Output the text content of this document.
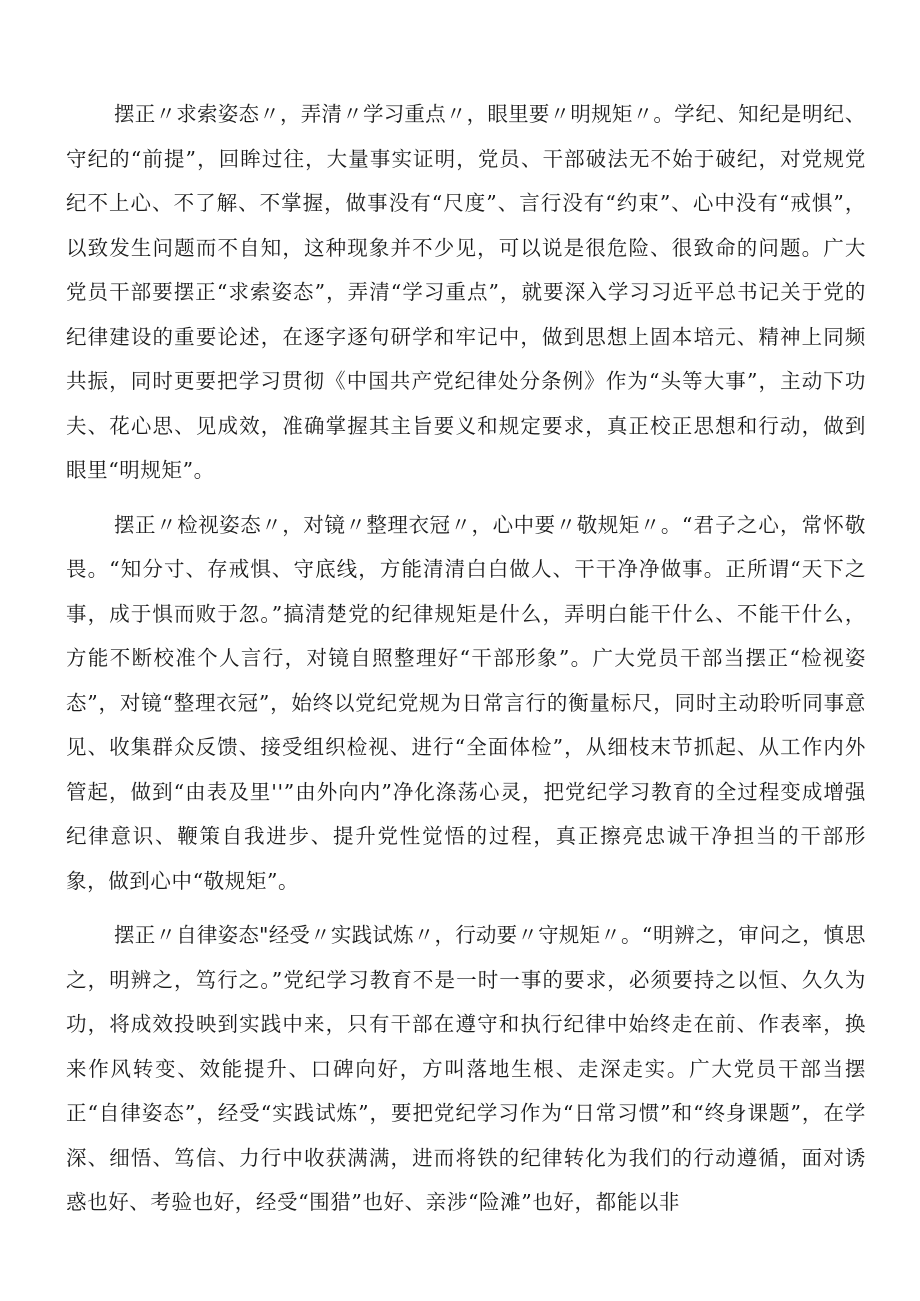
摆正〃求索姿态〃，弄清〃学习重点〃，眼里要〃明规矩〃。学纪、知纪是明纪、守纪的“前提”，回眸过往，大量事实证明，党员、干部破法无不始于破纪，对党规党纪不上心、不了解、不掌握，做事没有“尺度”、言行没有“约束”、心中没有“戒惧”，以致发生问题而不自知，这种现象并不少见，可以说是很危险、很致命的问题。广大党员干部要摆正“求索姿态”，弄清“学习重点”，就要深入学习习近平总书记关于党的纪律建设的重要论述，在逐字逐句研学和牢记中，做到思想上固本培元、精神上同频共振，同时更要把学习贯彻《中国共产党纪律处分条例》作为“头等大事”，主动下功夫、花心思、见成效，准确掌握其主旨要义和规定要求，真正校正思想和行动，做到眼里“明规矩”。

摆正〃检视姿态〃，对镜〃整理衣冠〃，心中要〃敬规矩〃。“君子之心，常怀敬畏。“知分寸、存戒惧、守底线，方能清清白白做人、干干净净做事。正所谓“天下之事，成于惧而败于忽。”搞清楚党的纪律规矩是什么，弄明白能干什么、不能干什么，方能不断校准个人言行，对镜自照整理好“干部形象”。广大党员干部当摆正“检视姿态”，对镜“整理衣冠”，始终以党纪党规为日常言行的衡量标尺，同时主动聆听同事意见、收集群众反馈、接受组织检视、进行“全面体检”，从细枝末节抓起、从工作内外管起，做到“由表及里''”由外向内”净化涤荡心灵，把党纪学习教育的全过程变成增强纪律意识、鞭策自我进步、提升党性觉悟的过程，真正擦亮忠诚干净担当的干部形象，做到心中“敬规矩”。

摆正〃自律姿态"经受〃实践试炼〃，行动要〃守规矩〃。“明辨之，审问之，慎思之，明辨之，笃行之。”党纪学习教育不是一时一事的要求，必须要持之以恒、久久为功，将成效投映到实践中来，只有干部在遵守和执行纪律中始终走在前、作表率，换来作风转变、效能提升、口碑向好，方叫落地生根、走深走实。广大党员干部当摆正“自律姿态”，经受“实践试炼”，要把党纪学习作为“日常习惯”和“终身课题”，在学深、细悟、笃信、力行中收获满满，进而将铁的纪律转化为我们的行动遵循，面对诱惑也好、考验也好，经受“围猎”也好、亲涉“险滩”也好，都能以非
